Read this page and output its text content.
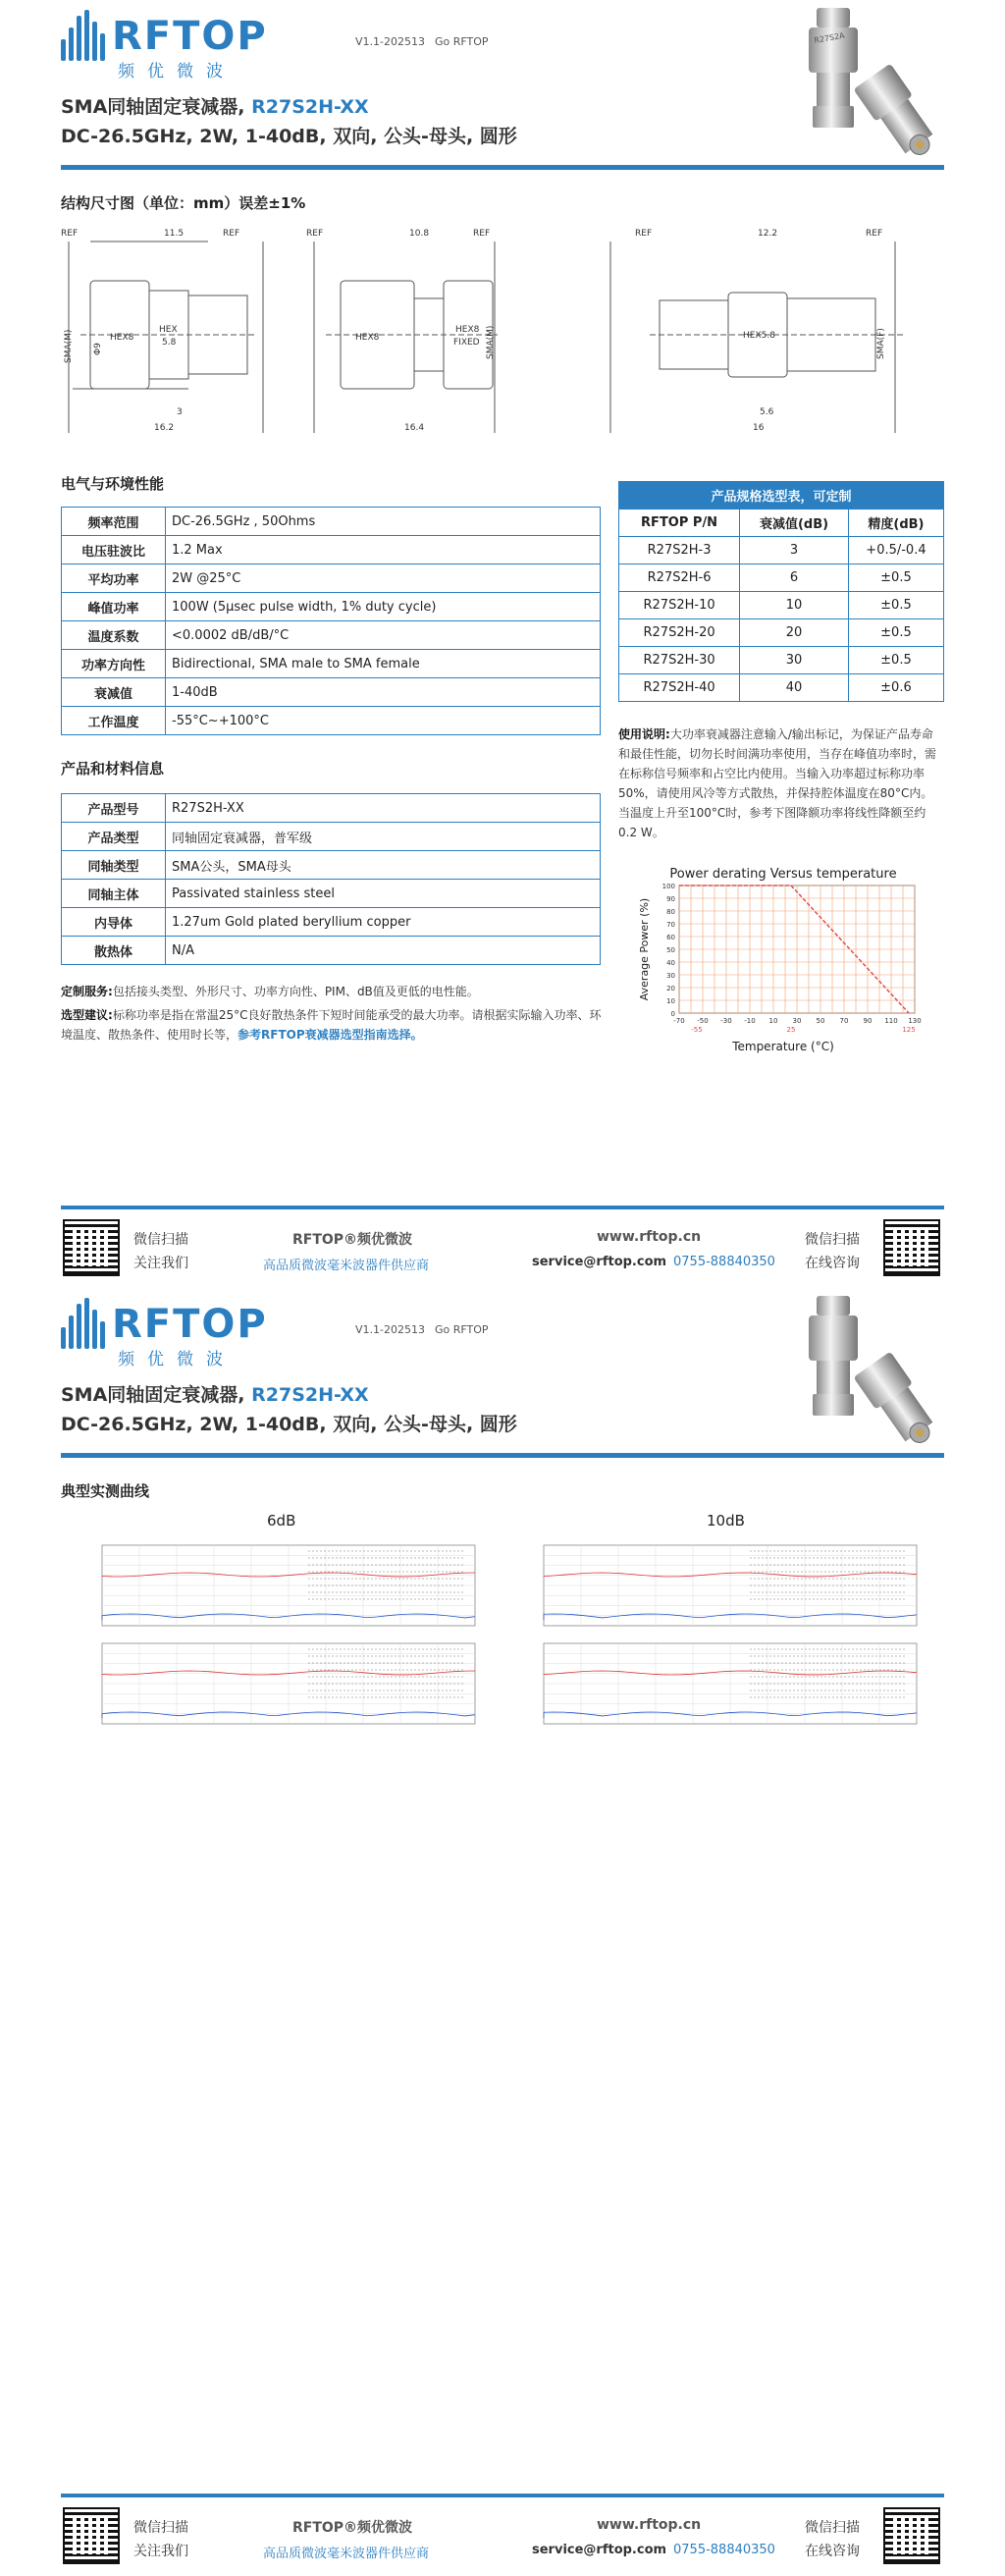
RFTOP
频优微波
V1.1-202513 Go RFTOP
SMA同轴固定衰减器, R27S2H-XX
DC-26.5GHz, 2W, 1-40dB, 双向, 公头-母头, 圆形
R27S2A
结构尺寸图（单位：mm）误差±1%
REF	REF
11.5	REF	REF
10.8	REF	REF
12.2
HEX8
HEX
5.8	HEX8
HEX8
FIXED
HEX5.8
Φ9
SMA(M)	SMA(M)	SMA(F)
3
16.2	16.4
5.6
16
电气与环境性能
频率范围	DC-26.5GHz , 50Ohms
电压驻波比	1.2 Max
平均功率	2W @25°C
峰值功率	100W (5μsec pulse width, 1% duty cycle)
温度系数	<0.0002 dB/dB/°C
功率方向性	Bidirectional, SMA male to SMA female
衰减值	1-40dB
工作温度	-55°C~+100°C
产品和材料信息
产品型号	R27S2H-XX
产品类型	同轴固定衰减器，普军级
同轴类型	SMA公头，SMA母头
同轴主体	Passivated stainless steel
内导体	1.27um Gold plated beryllium copper
散热体	N/A
定制服务:包括接头类型、外形尺寸、功率方向性、PIM、dB值及更低的电性能。
选型建议:标称功率是指在常温25°C良好散热条件下短时间能承受的最大功率。请根据实际输入功率、环境温度、散热条件、使用时长等，参考RFTOP衰减器选型指南选择。
产品规格选型表，可定制		
RFTOP P/N	衰减值(dB)	精度(dB)
R27S2H-3	3	+0.5/-0.4
R27S2H-6	6	±0.5
R27S2H-10	10	±0.5
R27S2H-20	20	±0.5
R27S2H-30	30	±0.5
R27S2H-40	40	±0.6
使用说明:大功率衰减器注意输入/输出标记，为保证产品寿命和最佳性能，切勿长时间满功率使用，当存在峰值功率时，需在标称信号频率和占空比内使用。当输入功率超过标称功率50%，请使用风冷等方式散热，并保持腔体温度在80°C内。当温度上升至100°C时，参考下图降额功率将线性降额至约 0.2 W。
Power derating Versus temperature
0
10
20
30
40
50
60
70
80
90
100
-70 -50 -30 -10 10 30 50 70 90 110 130
-55	25	125
Temperature (°C)
Average Power (%)
微信扫描
关注我们
RFTOP®频优微波
高品质微波毫米波器件供应商
www.rftop.cn
service@rftop.com 0755-88840350
微信扫描
在线咨询
RFTOP
频优微波
V1.1-202513 Go RFTOP
SMA同轴固定衰减器, R27S2H-XX
DC-26.5GHz, 2W, 1-40dB, 双向, 公头-母头, 圆形
典型实测曲线
6dB	10dB
微信扫描
关注我们
RFTOP®频优微波
高品质微波毫米波器件供应商
www.rftop.cn
service@rftop.com 0755-88840350
微信扫描
在线咨询
